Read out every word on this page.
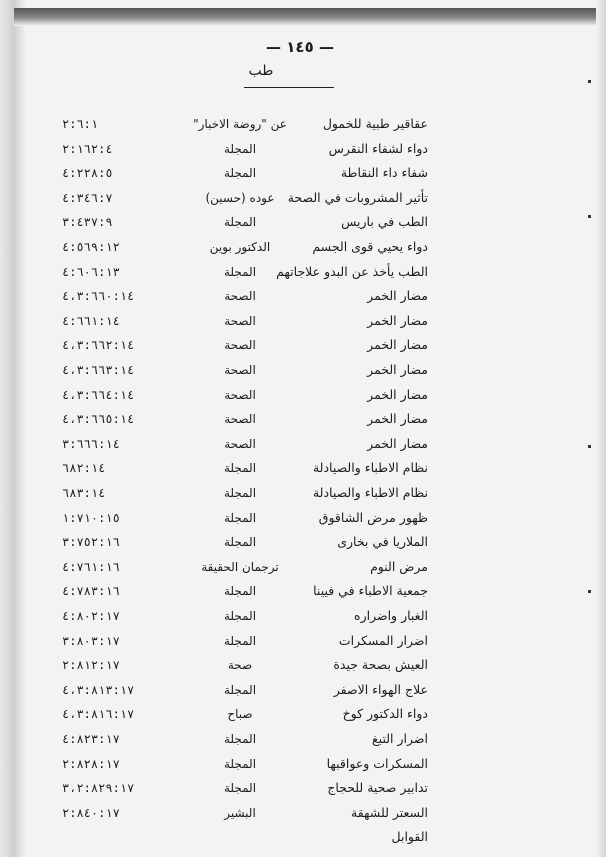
— ١٤٥ —
طب
عقاقير طبية للخمول
عن "روضة الاخبار"
٢:٦:١
دواء لشفاء النقرس
المجلة
٢:١٦٢:٤
شفاء داء النقاطة
المجلة
٤:٢٢٨:٥
تأثير المشروبات في الصحة
عوده (حسين)
٤:٣٤٦:٧
الطب في باريس
المجلة
٣:٤٣٧:٩
دواء يحيي قوى الجسم
الدكتور بوين
٤:٥٦٩:١٢
الطب يأخذ عن البدو علاجاتهم
المجلة
٤:٦٠٦:١٣
مضار الخمر
الصحة
٤،٣:٦٦٠:١٤
مضار الخمر
الصحة
٤:٦٦١:١٤
مضار الخمر
الصحة
٤،٣:٦٦٢:١٤
مضار الخمر
الصحة
٤،٣:٦٦٣:١٤
مضار الخمر
الصحة
٤،٣:٦٦٤:١٤
مضار الخمر
الصحة
٤،٣:٦٦٥:١٤
مضار الخمر
الصحة
٣:٦٦٦:١٤
نظام الاطباء والصيادلة
المجلة
٦٨٢:١٤
نظام الاطباء والصيادلة
المجلة
٦٨٣:١٤
ظهور مرض الشاقوق
المجلة
١:٧١٠:١٥
الملاريا في بخارى
المجلة
٣:٧٥٢:١٦
مرض النوم
ترجمان الحقيقة
٤:٧٦١:١٦
جمعية الاطباء في فيينا
المجلة
٤:٧٨٣:١٦
الغبار واضراره
المجلة
٤:٨٠٢:١٧
اضرار المسكرات
المجلة
٣:٨٠٣:١٧
العيش بصحة جيدة
صحة
٢:٨١٢:١٧
علاج الهواء الاصفر
المجلة
٤،٣:٨١٣:١٧
دواء الدكتور كوخ
صباح
٤،٣:٨١٦:١٧
اضرار التبغ
المجلة
٤:٨٢٣:١٧
المسكرات وعواقبها
المجلة
٢:٨٢٨:١٧
تدابير صحية للحجاج
المجلة
٣،٢:٨٢٩:١٧
السعتر للشهقة
البشير
٢:٨٤٠:١٧
القوابل
